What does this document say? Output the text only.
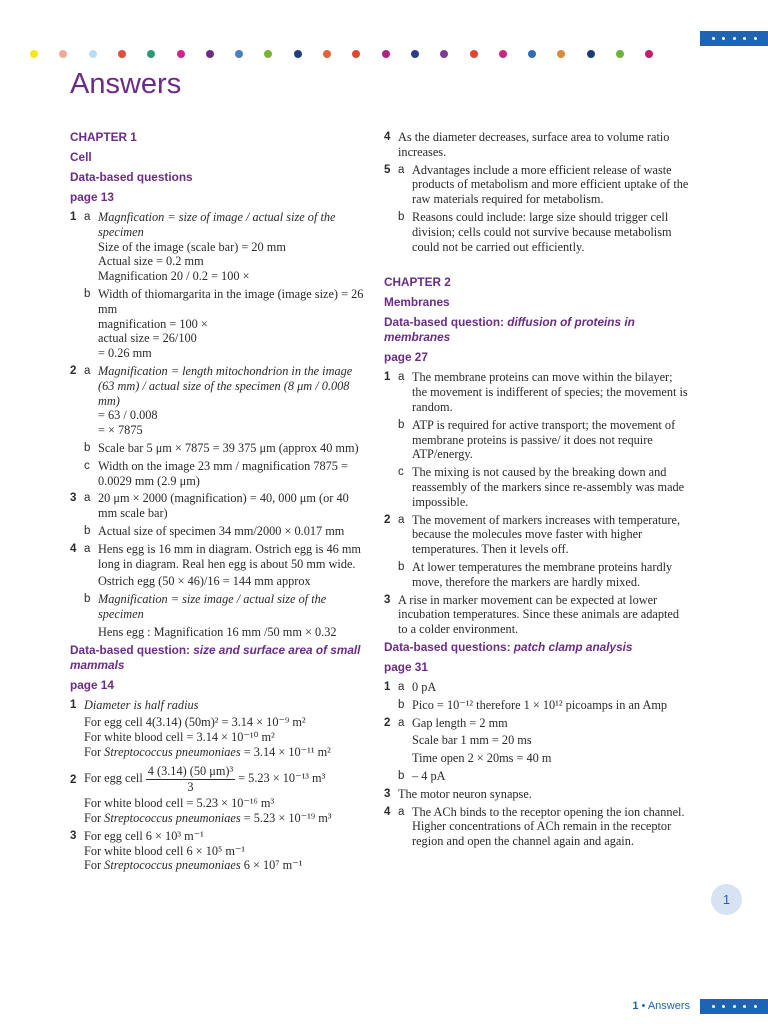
Answers
CHAPTER 1
Cell
Data-based questions
page 13
1 a Magnfication = size of image / actual size of the specimen
Size of the image (scale bar) = 20 mm
Actual size = 0.2 mm
Magnification 20 / 0.2 = 100 ×
b Width of thiomargarita in the image (image size) = 26 mm
magnification = 100 ×
actual size = 26/100
= 0.26 mm
2 a Magnification = length mitochondrion in the image (63 mm) / actual size of the specimen (8 μm / 0.008 mm)
= 63 / 0.008
= × 7875
b Scale bar 5 μm × 7875 = 39 375 μm (approx 40 mm)
c Width on the image 23 mm / magnification 7875 = 0.0029 mm (2.9 μm)
3 a 20 μm × 2000 (magnification) = 40, 000 μm (or 40 mm scale bar)
b Actual size of specimen 34 mm/2000 × 0.017 mm
4 a Hens egg is 16 mm in diagram. Ostrich egg is 46 mm long in diagram. Real hen egg is about 50 mm wide.
Ostrich egg (50 × 46)/16 = 144 mm approx
b Magnification = size image / actual size of the specimen
Hens egg : Magnification 16 mm /50 mm × 0.32
Data-based question: size and surface area of small mammals
page 14
1 Diameter is half radius
For egg cell 4(3.14) (50m)² = 3.14 × 10⁻⁹ m²
For white blood cell = 3.14 × 10⁻¹⁰ m²
For Streptococcus pneumoniaes = 3.14 × 10⁻¹¹ m²
2 For egg cell $\frac{\text{4 (3.14) (50 μm)³}}{3} = 5.23 \times 10^{-13}$ m³
For white blood cell = 5.23 × 10⁻¹⁶ m³
For Streptococcus pneumoniaes = 5.23 × 10⁻¹⁹ m³
3 For egg cell 6 × 10³ m⁻¹
For white blood cell 6 × 10⁵ m⁻¹
For Streptococcus pneumoniaes 6 × 10⁷ m⁻¹
4 As the diameter decreases, surface area to volume ratio increases.
5 a Advantages include a more efficient release of waste products of metabolism and more efficient uptake of the raw materials required for metabolism.
b Reasons could include: large size should trigger cell division; cells could not survive because metabolism could not be carried out efficiently.
CHAPTER 2
Membranes
Data-based question: diffusion of proteins in membranes
page 27
1 a The membrane proteins can move within the bilayer; the movement is indifferent of species; the movement is random.
b ATP is required for active transport; the movement of membrane proteins is passive/ it does not require ATP/energy.
c The mixing is not caused by the breaking down and reassembly of the markers since re-assembly was made impossible.
2 a The movement of markers increases with temperature, because the molecules move faster with higher temperatures. Then it levels off.
b At lower temperatures the membrane proteins hardly move, therefore the markers are hardly mixed.
3 A rise in marker movement can be expected at lower incubation temperatures. Since these animals are adapted to a colder environment.
Data-based questions: patch clamp analysis
page 31
1 a 0 pA
b Pico = 10⁻¹² therefore 1 × 10¹² picoamps in an Amp
2 a Gap length = 2 mm
Scale bar 1 mm = 20 ms
Time open 2 × 20ms = 40 m
b – 4 pA
3 The motor neuron synapse.
4 a The ACh binds to the receptor opening the ion channel. Higher concentrations of ACh remain in the receptor region and open the channel again and again.
1
1 • Answers
